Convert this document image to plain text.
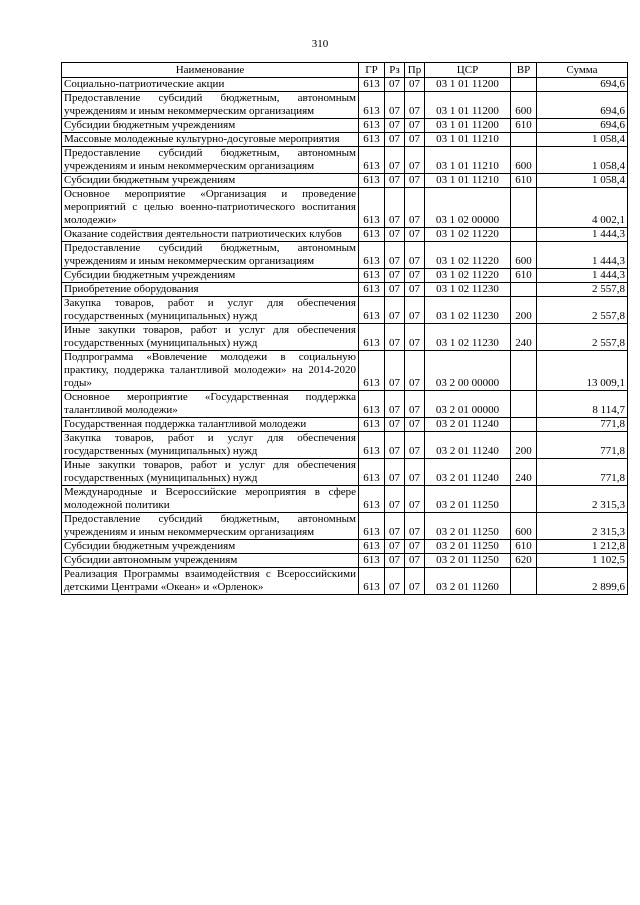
310
Наименование	ГР	Рз	Пр	ЦСР	ВР	Сумма
Социально-патриотические акции	613	07	07	03 1 01 11200		694,6
Предоставление субсидий бюджетным, автономным учреждениям и иным некоммерческим организациям	613	07	07	03 1 01 11200	600	694,6
Субсидии бюджетным учреждениям	613	07	07	03 1 01 11200	610	694,6
Массовые молодежные культурно-досуговые мероприятия	613	07	07	03 1 01 11210		1 058,4
Предоставление субсидий бюджетным, автономным учреждениям и иным некоммерческим организациям	613	07	07	03 1 01 11210	600	1 058,4
Субсидии бюджетным учреждениям	613	07	07	03 1 01 11210	610	1 058,4
Основное мероприятие «Организация и проведение мероприятий с целью военно-патриотического воспитания молодежи»	613	07	07	03 1 02 00000		4 002,1
Оказание содействия деятельности патриотических клубов	613	07	07	03 1 02 11220		1 444,3
Предоставление субсидий бюджетным, автономным учреждениям и иным некоммерческим организациям	613	07	07	03 1 02 11220	600	1 444,3
Субсидии бюджетным учреждениям	613	07	07	03 1 02 11220	610	1 444,3
Приобретение оборудования	613	07	07	03 1 02 11230		2 557,8
Закупка товаров, работ и услуг для обеспечения государственных (муниципальных) нужд	613	07	07	03 1 02 11230	200	2 557,8
Иные закупки товаров, работ и услуг для обеспечения государственных (муниципальных) нужд	613	07	07	03 1 02 11230	240	2 557,8
Подпрограмма «Вовлечение молодежи в социальную практику, поддержка талантливой молодежи» на 2014-2020 годы»	613	07	07	03 2 00 00000		13 009,1
Основное мероприятие «Государственная поддержка талантливой молодежи»	613	07	07	03 2 01 00000		8 114,7
Государственная поддержка талантливой молодежи	613	07	07	03 2 01 11240		771,8
Закупка товаров, работ и услуг для обеспечения государственных (муниципальных) нужд	613	07	07	03 2 01 11240	200	771,8
Иные закупки товаров, работ и услуг для обеспечения государственных (муниципальных) нужд	613	07	07	03 2 01 11240	240	771,8
Международные и Всероссийские мероприятия в сфере молодежной политики	613	07	07	03 2 01 11250		2 315,3
Предоставление субсидий бюджетным, автономным учреждениям и иным некоммерческим организациям	613	07	07	03 2 01 11250	600	2 315,3
Субсидии бюджетным учреждениям	613	07	07	03 2 01 11250	610	1 212,8
Субсидии автономным учреждениям	613	07	07	03 2 01 11250	620	1 102,5
Реализация Программы взаимодействия с Всероссийскими детскими Центрами «Океан» и «Орленок»	613	07	07	03 2 01 11260		2 899,6
